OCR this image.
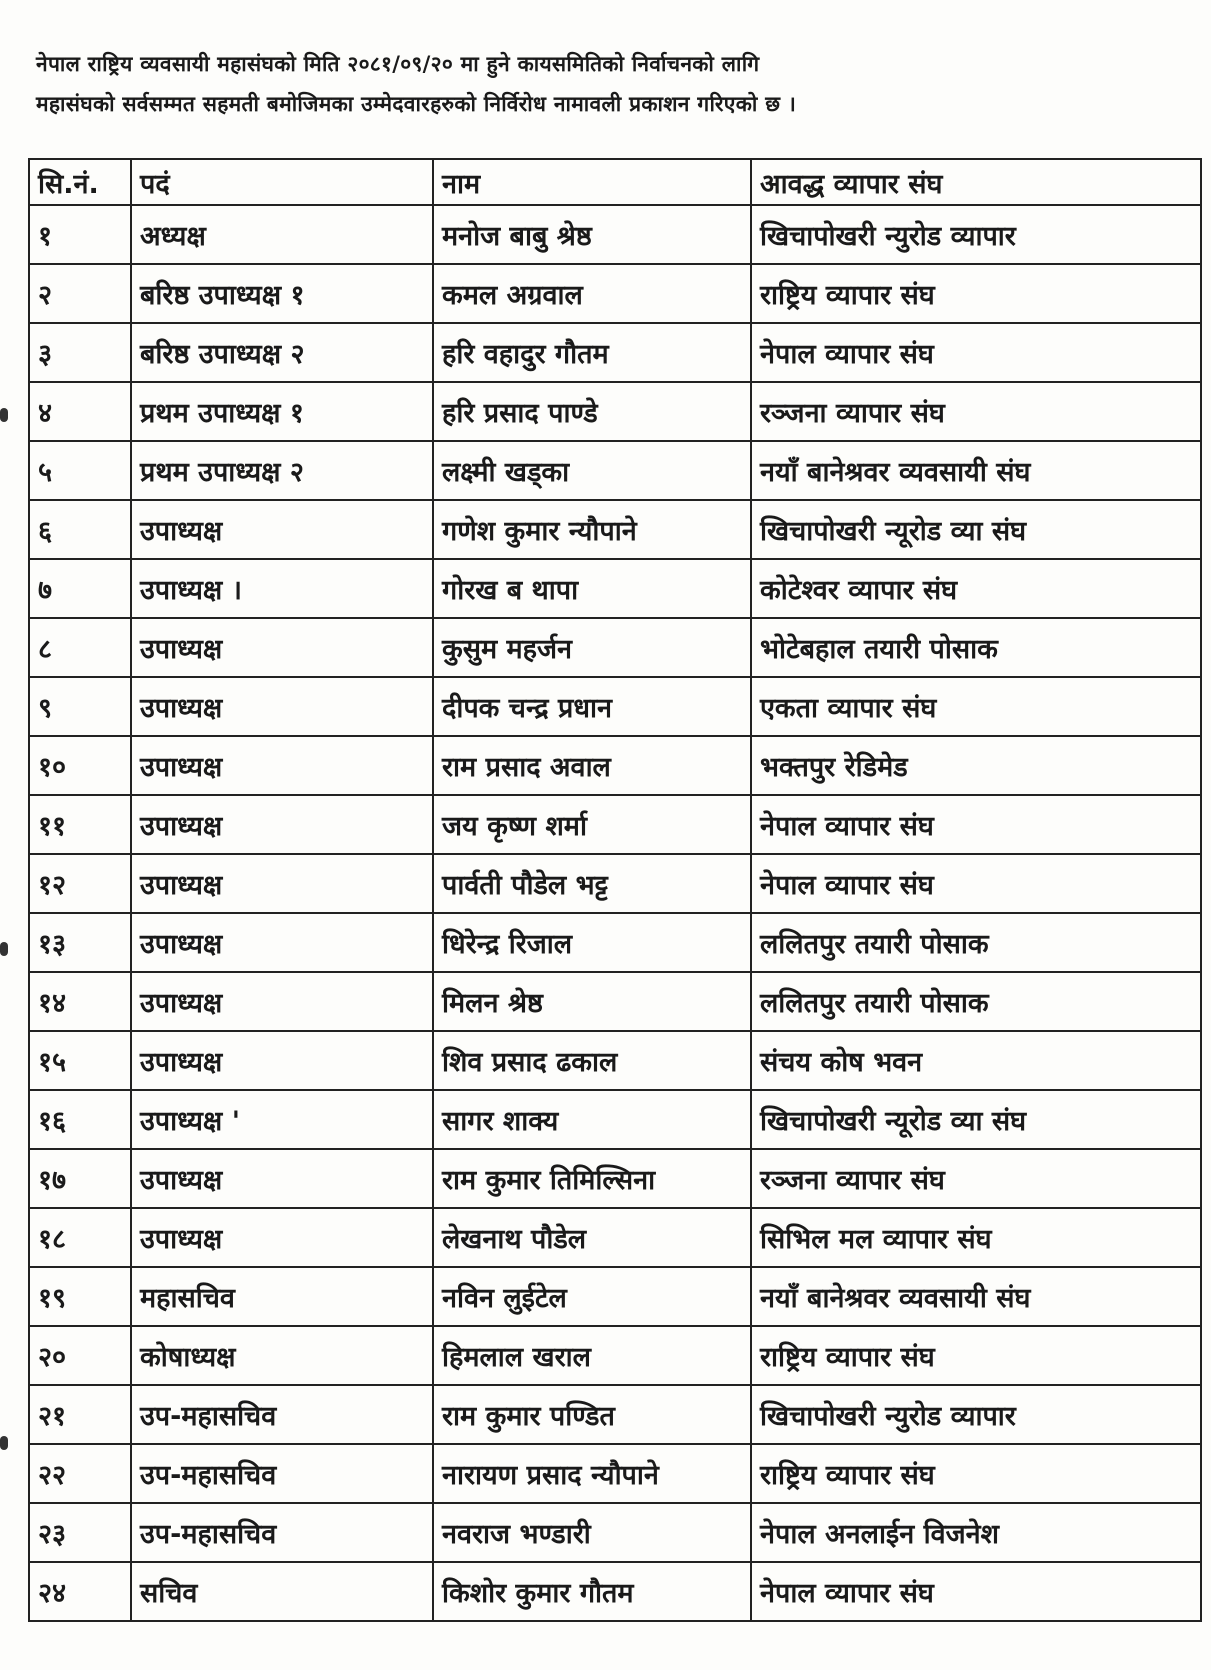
नेपाल राष्ट्रिय व्यवसायी महासंघको मिति २०८१/०९/२० मा हुने कायसमितिको निर्वाचनको लागि

महासंघको सर्वसम्मत सहमती बमोजिमका उम्मेदवारहरुको निर्विरोध नामावली प्रकाशन गरिएको छ ।

सि.नं.	पदं	नाम	आवद्ध व्यापार संघ
१	अध्यक्ष	मनोज बाबु श्रेष्ठ	खिचापोखरी न्युरोड व्यापार
२	बरिष्ठ उपाध्यक्ष १	कमल अग्रवाल	राष्ट्रिय व्यापार संघ
३	बरिष्ठ उपाध्यक्ष २	हरि वहादुर गौतम	नेपाल व्यापार संघ
४	प्रथम उपाध्यक्ष १	हरि प्रसाद पाण्डे	रञ्जना व्यापार संघ
५	प्रथम उपाध्यक्ष २	लक्ष्मी खड्का	नयाँ बानेश्रवर व्यवसायी संघ
६	उपाध्यक्ष	गणेश कुमार न्यौपाने	खिचापोखरी न्यूरोड व्या संघ
७	उपाध्यक्ष ।	गोरख ब थापा	कोटेश्वर व्यापार संघ
८	उपाध्यक्ष	कुसुम महर्जन	भोटेबहाल तयारी पोसाक
९	उपाध्यक्ष	दीपक चन्द्र प्रधान	एकता व्यापार संघ
१०	उपाध्यक्ष	राम प्रसाद अवाल	भक्तपुर रेडिमेड
११	उपाध्यक्ष	जय कृष्ण शर्मा	नेपाल व्यापार संघ
१२	उपाध्यक्ष	पार्वती पौडेल भट्ट	नेपाल व्यापार संघ
१३	उपाध्यक्ष	धिरेन्द्र रिजाल	ललितपुर तयारी पोसाक
१४	उपाध्यक्ष	मिलन श्रेष्ठ	ललितपुर तयारी पोसाक
१५	उपाध्यक्ष	शिव प्रसाद ढकाल	संचय कोष भवन
१६	उपाध्यक्ष '	सागर शाक्य	खिचापोखरी न्यूरोड व्या संघ
१७	उपाध्यक्ष	राम कुमार तिमिल्सिना	रञ्जना व्यापार संघ
१८	उपाध्यक्ष	लेखनाथ पौडेल	सिभिल मल व्यापार संघ
१९	महासचिव	नविन लुईटेल	नयाँ बानेश्रवर व्यवसायी संघ
२०	कोषाध्यक्ष	हिमलाल खराल	राष्ट्रिय व्यापार संघ
२१	उप-महासचिव	राम कुमार पण्डित	खिचापोखरी न्युरोड व्यापार
२२	उप-महासचिव	नारायण प्रसाद न्यौपाने	राष्ट्रिय व्यापार संघ
२३	उप-महासचिव	नवराज भण्डारी	नेपाल अनलाईन विजनेश
२४	सचिव	किशोर कुमार गौतम	नेपाल व्यापार संघ
